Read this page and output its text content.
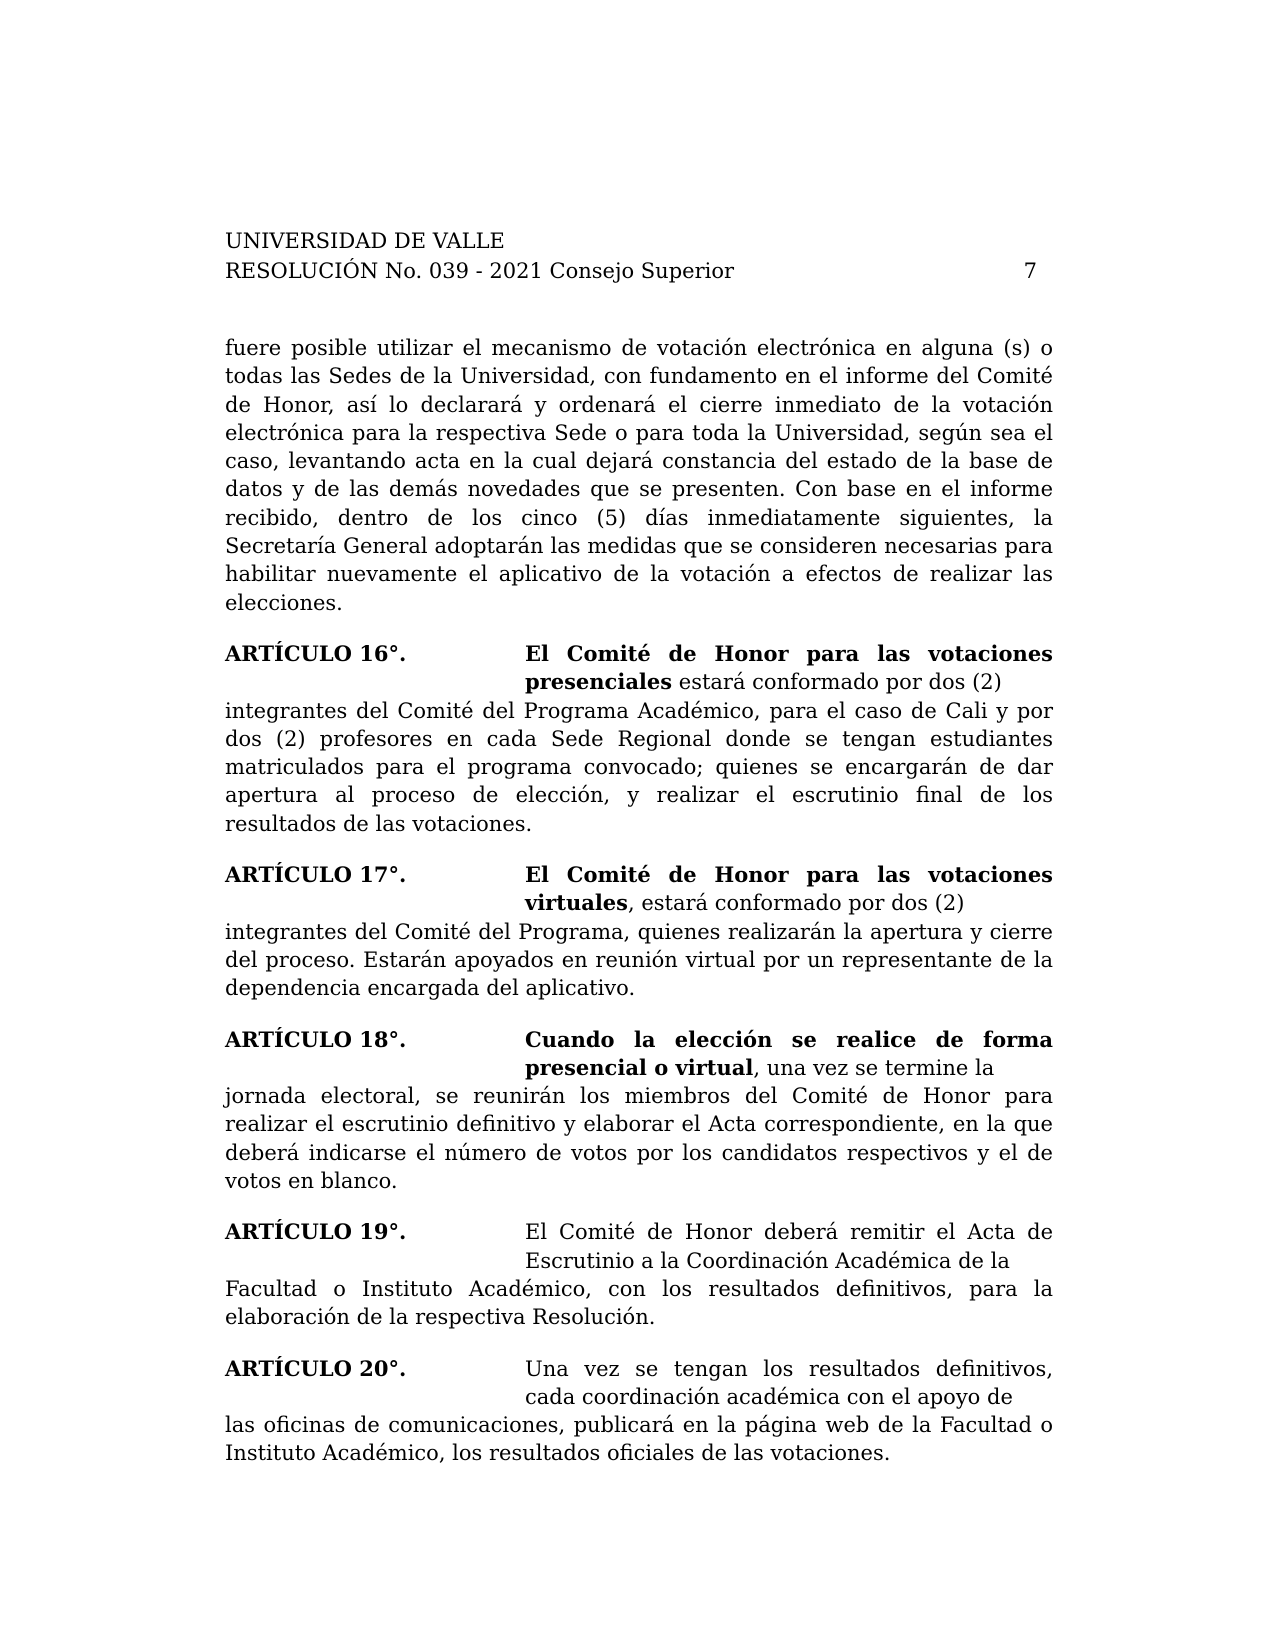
UNIVERSIDAD DE VALLE
RESOLUCIÓN No. 039 - 2021 Consejo Superior	7

fuere posible utilizar el mecanismo de votación electrónica en alguna (s) o todas las Sedes de la Universidad, con fundamento en el informe del Comité de Honor, así lo declarará y ordenará el cierre inmediato de la votación electrónica para la respectiva Sede o para toda la Universidad, según sea el caso, levantando acta en la cual dejará constancia del estado de la base de datos y de las demás novedades que se presenten. Con base en el informe recibido, dentro de los cinco (5) días inmediatamente siguientes, la Secretaría General adoptarán las medidas que se consideren necesarias para habilitar nuevamente el aplicativo de la votación a efectos de realizar las elecciones.

ARTÍCULO 16°.	El Comité de Honor para las votaciones presenciales estará conformado por dos (2)

integrantes del Comité del Programa Académico, para el caso de Cali y por dos (2) profesores en cada Sede Regional donde se tengan estudiantes matriculados para el programa convocado; quienes se encargarán de dar apertura al proceso de elección, y realizar el escrutinio final de los resultados de las votaciones.

ARTÍCULO 17°.	El Comité de Honor para las votaciones virtuales, estará conformado por dos (2)

integrantes del Comité del Programa, quienes realizarán la apertura y cierre del proceso. Estarán apoyados en reunión virtual por un representante de la dependencia encargada del aplicativo.

ARTÍCULO 18°.	Cuando la elección se realice de forma presencial o virtual, una vez se termine la

jornada electoral, se reunirán los miembros del Comité de Honor para realizar el escrutinio definitivo y elaborar el Acta correspondiente, en la que deberá indicarse el número de votos por los candidatos respectivos y el de votos en blanco.

ARTÍCULO 19°.	El Comité de Honor deberá remitir el Acta de Escrutinio a la Coordinación Académica de la

Facultad o Instituto Académico, con los resultados definitivos, para la elaboración de la respectiva Resolución.

ARTÍCULO 20°.	Una vez se tengan los resultados definitivos, cada coordinación académica con el apoyo de

las oficinas de comunicaciones, publicará en la página web de la Facultad o Instituto Académico, los resultados oficiales de las votaciones.
